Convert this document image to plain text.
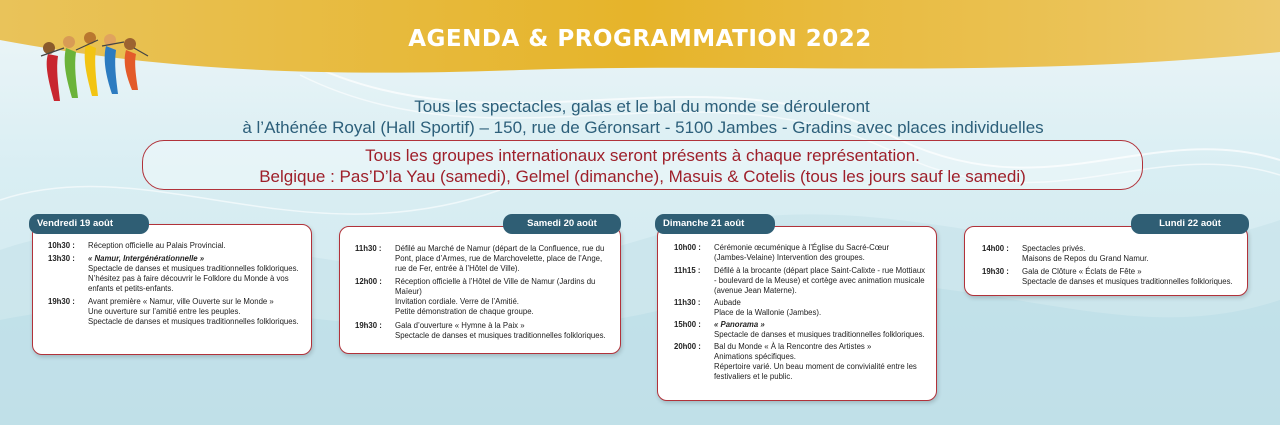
AGENDA & PROGRAMMATION 2022
Tous les spectacles, galas et le bal du monde se dérouleront
à l’Athénée Royal (Hall Sportif) – 150, rue de Géronsart - 5100 Jambes - Gradins avec places individuelles
Tous les groupes internationaux seront présents à chaque représentation.
Belgique : Pas’D’la Yau (samedi), Gelmel (dimanche), Masuis & Cotelis (tous les jours sauf le samedi)
Vendredi 19 août
10h30 :	Réception officielle au Palais Provincial.
13h30 :	« Namur, Intergénérationnelle »
Spectacle de danses et musiques traditionnelles folkloriques.
N’hésitez pas à faire découvrir le Folklore du Monde à vos
enfants et petits-enfants.
19h30 :	Avant première « Namur, ville Ouverte sur le Monde »
Une ouverture sur l’amitié entre les peuples.
Spectacle de danses et musiques traditionnelles folkloriques.
Samedi 20 août
11h30 :	Défilé au Marché de Namur (départ de la Confluence, rue du
Pont, place d’Armes, rue de Marchovelette, place de l’Ange,
rue de Fer, entrée à l’Hôtel de Ville).
12h00 :	Réception officielle à l’Hôtel de Ville de Namur (Jardins du
Maïeur)
Invitation cordiale. Verre de l’Amitié.
Petite démonstration de chaque groupe.
19h30 :	Gala d’ouverture « Hymne à la Paix »
Spectacle de danses et musiques traditionnelles folkloriques.
Dimanche 21 août
10h00 :	Cérémonie œcuménique à l’Église du Sacré-Cœur
(Jambes-Velaine) Intervention des groupes.
11h15 :	Défilé à la brocante (départ place Saint-Calixte - rue Mottiaux
- boulevard de la Meuse) et cortège avec animation musicale
(avenue Jean Materne).
11h30 :	Aubade
Place de la Wallonie (Jambes).
15h00 :	« Panorama »
Spectacle de danses et musiques traditionnelles folkloriques.
20h00 :	Bal du Monde « À la Rencontre des Artistes »
Animations spécifiques.
Répertoire varié. Un beau moment de convivialité entre les
festivaliers et le public.
Lundi 22 août
14h00 :	Spectacles privés.
Maisons de Repos du Grand Namur.
19h30 :	Gala de Clôture « Éclats de Fête »
Spectacle de danses et musiques traditionnelles folkloriques.
